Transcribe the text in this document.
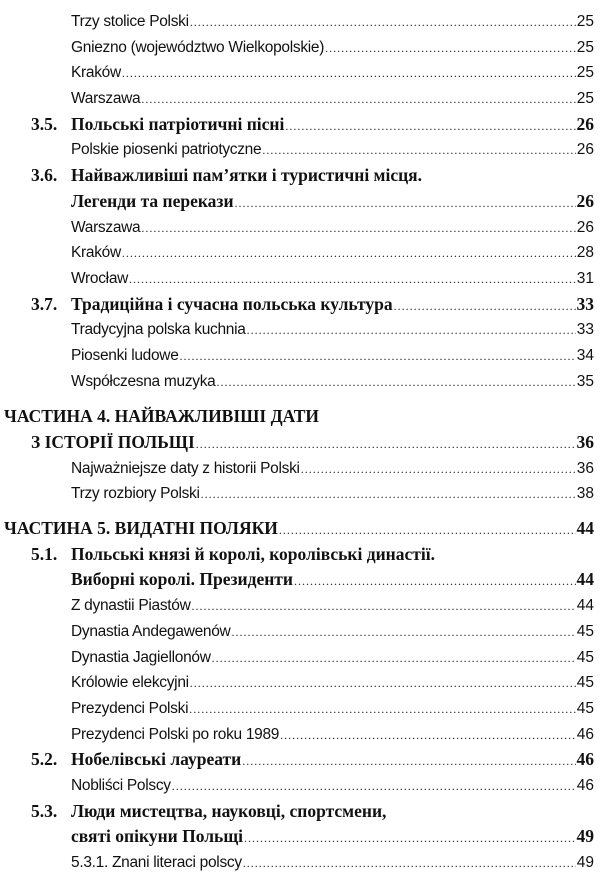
Trzy stolice Polski .....	25
Gniezno (województwo Wielkopolskie) .....	25
Kraków .....	25
Warszawa .....	25
3.5. Польські патріотичні пісні .....	26
Polskie piosenki patriotyczne .....	26
3.6. Найважливіші пам’ятки і туристичні місця.
Легенди та перекази .....	26
Warszawa .....	26
Kraków .....	28
Wrocław .....	31
3.7. Традиційна і сучасна польська культура .....	33
Tradycyjna polska kuchnia .....	33
Piosenki ludowe .....	34
Współczesna muzyka .....	35
ЧАСТИНА 4. НАЙВАЖЛИВІШІ ДАТИ
З ІСТОРІЇ ПОЛЬЩІ .....	36
Najważniejsze daty z historii Polski .....	36
Trzy rozbiory Polski .....	38
ЧАСТИНА 5. ВИДАТНІ ПОЛЯКИ .....	44
5.1. Польські князі й королі, королівські династії.
Виборні королі. Президенти .....	44
Z dynastii Piastów .....	44
Dynastia Andegawenów .....	45
Dynastia Jagiellonów .....	45
Królowie elekcyjni .....	45
Prezydenci Polski .....	45
Prezydenci Polski po roku 1989 .....	46
5.2. Нобелівські лауреати .....	46
Nobliści Polscy .....	46
5.3. Люди мистецтва, науковці, спортсмени,
святі опікуни Польщі .....	49
5.3.1. Znani literaci polscy .....	49
